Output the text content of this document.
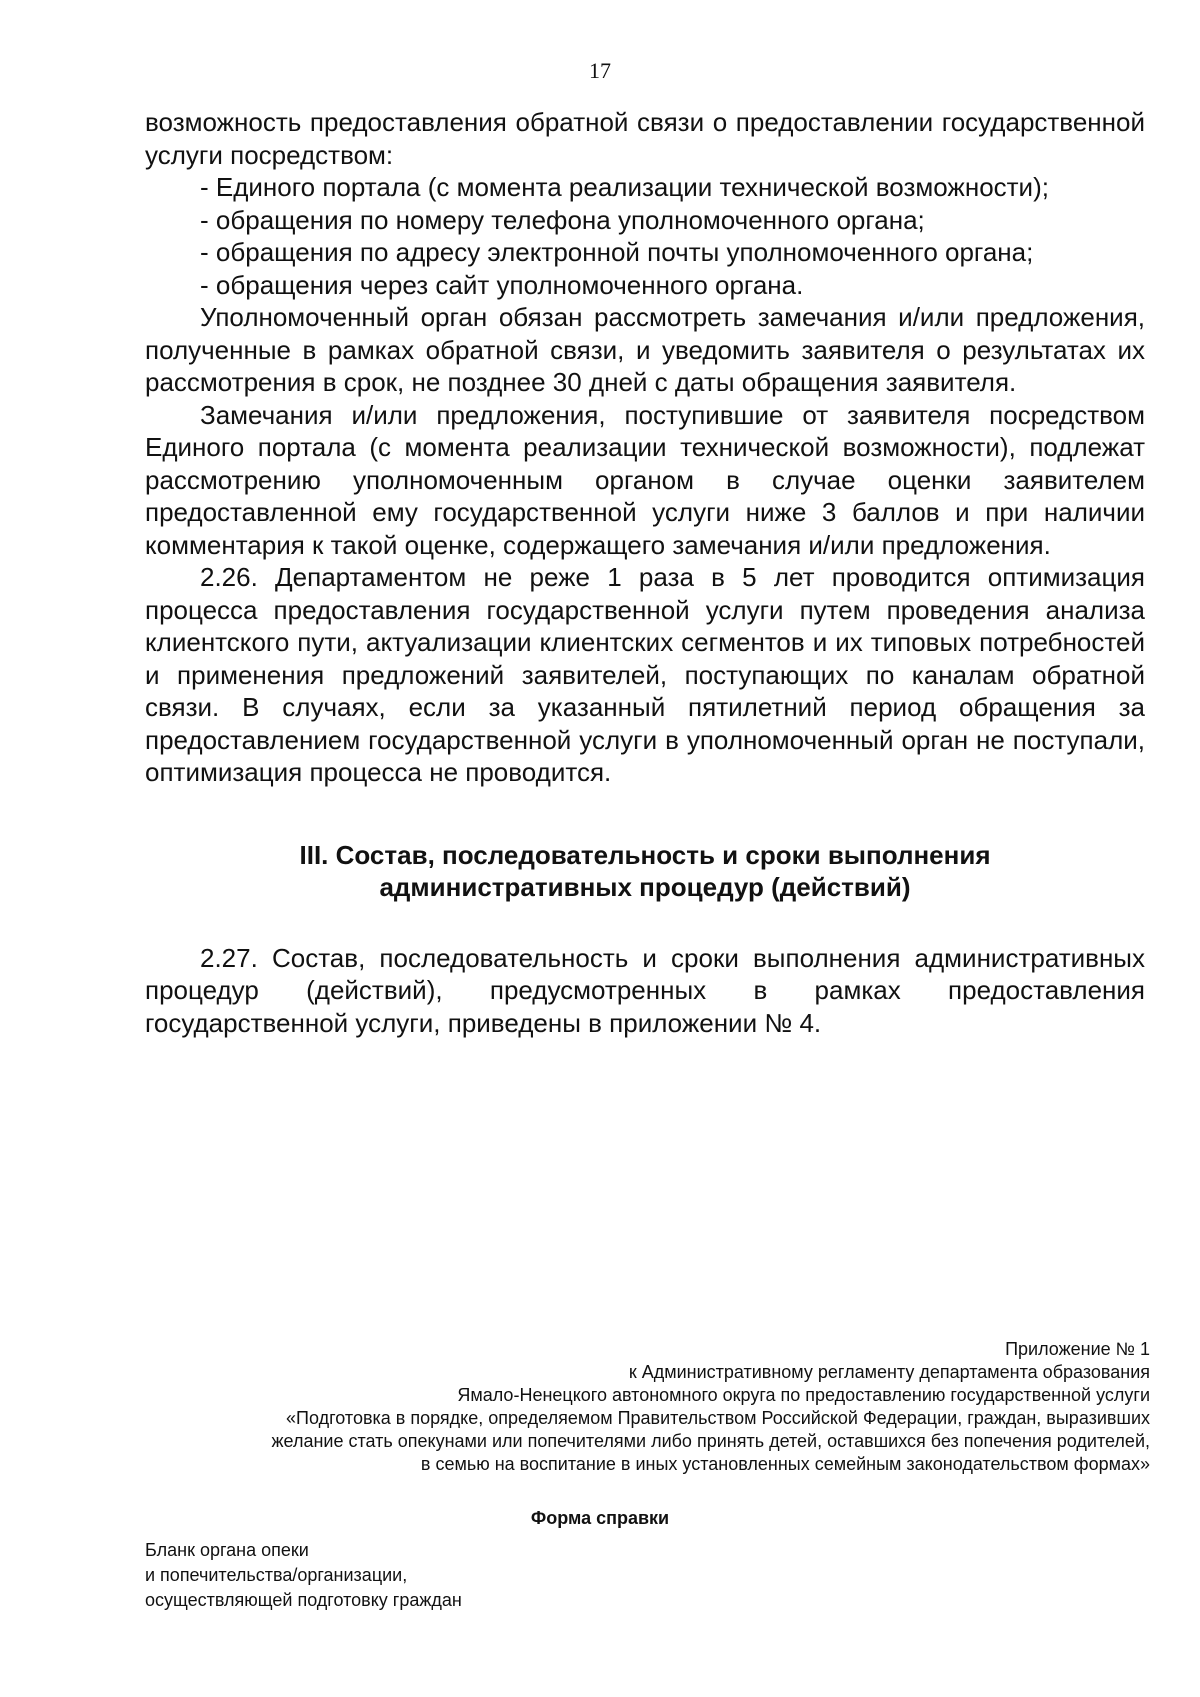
17

возможность предоставления обратной связи о предоставлении государственной услуги посредством:

- Единого портала (с момента реализации технической возможности);

- обращения по номеру телефона уполномоченного органа;

- обращения по адресу электронной почты уполномоченного органа;

- обращения через сайт уполномоченного органа.

Уполномоченный орган обязан рассмотреть замечания и/или предложения, полученные в рамках обратной связи, и уведомить заявителя о результатах их рассмотрения в срок, не позднее 30 дней с даты обращения заявителя.

Замечания и/или предложения, поступившие от заявителя посредством Единого портала (с момента реализации технической возможности), подлежат рассмотрению уполномоченным органом в случае оценки заявителем предоставленной ему государственной услуги ниже 3 баллов и при наличии комментария к такой оценке, содержащего замечания и/или предложения.

2.26. Департаментом не реже 1 раза в 5 лет проводится оптимизация процесса предоставления государственной услуги путем проведения анализа клиентского пути, актуализации клиентских сегментов и их типовых потребностей и применения предложений заявителей, поступающих по каналам обратной связи. В случаях, если за указанный пятилетний период обращения за предоставлением государственной услуги в уполномоченный орган не поступали, оптимизация процесса не проводится.

III. Состав, последовательность и сроки выполнения
административных процедур (действий)

2.27. Состав, последовательность и сроки выполнения административных процедур (действий), предусмотренных в рамках предоставления государственной услуги, приведены в приложении № 4.

Приложение № 1

к Административному регламенту департамента образования

Ямало-Ненецкого автономного округа по предоставлению государственной услуги

«Подготовка в порядке, определяемом Правительством Российской Федерации, граждан, выразивших

желание стать опекунами или попечителями либо принять детей, оставшихся без попечения родителей,

в семью на воспитание в иных установленных семейным законодательством формах»

Форма справки

Бланк органа опеки

и попечительства/организации,

осуществляющей подготовку граждан
